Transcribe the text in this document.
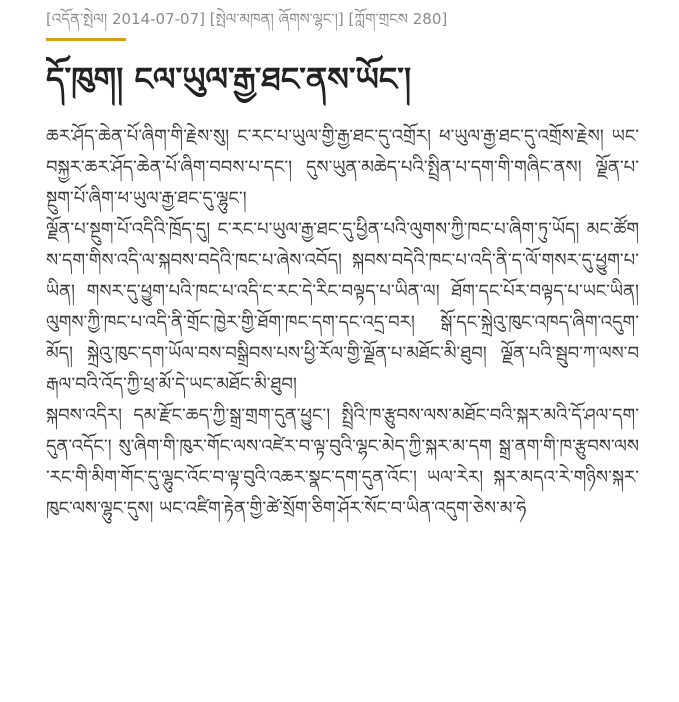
[འདོན་སྤེལ། 2014-07-07] [སྤེལ་མཁན། ཞོགས་ལྷང་།] [ཀློག་གྲངས 280]
དོ་ཁུག། ངལ་ཡུལ་རྒྱ་ཐང་ནས་ཡོང་།

ཆར་ཤོད་ཆེན་པོ་ཞིག་གི་རྗེས་སུ། ང་རང་པ་ཡུལ་གྱི་རྒྱ་ཐང་དུ་འགྲོར། ཕ་ཡུལ་རྒྱ་ཐང་དུ་འགྲོས་རྗེས། ཡང་བསྐྱར་ཆར་ཤོད་ཆེན་པོ་ཞིག་བབས་པ་དང་། དུས་ཡུན་མཆེད་པའི་སྤྲིན་པ་དག་གི་གཞིང་ནས། ལྗོན་པ་སྔུག་པོ་ཞིག་ཕ་ཡུལ་རྒྱ་ཐང་དུ་ལྷུང་།

ལྗོན་པ་སྔུག་པོ་འདིའི་ཁྲོད་དུ། ང་རང་པ་ཡུལ་རྒྱ་ཐང་དུ་ཕྱིན་པའི་ལུགས་ཀྱི་ཁང་པ་ཞིག་ཏུ་ཡོད། མང་ཚོགས་དག་གིས་འདི་ལ་སྐབས་བདེའི་ཁང་པ་ཞེས་འབོད། སྐབས་བདེའི་ཁང་པ་འདི་ནི་ད་ལོ་གསར་དུ་ཕྱུག་པ་ཡིན། གསར་དུ་ཕྱུག་པའི་ཁང་པ་འདི་ང་རང་དེ་རིང་བལྟད་པ་ཡིན་ལ། ཐོག་དང་པོར་བལྟད་པ་ཡང་ཡིན། ལུགས་ཀྱི་ཁང་པ་འདི་ནི་གྲོང་ཁྱེར་གྱི་ཐོག་ཁང་དག་དང་འདྲ་བར། སྒོ་དང་སྐྲེའུ་ཁུང་འཁད་ཞིག་འདུག་མོད། སྐྲེའུ་ཁུང་དག་ཡོལ་བས་བསྒྲིབས་པས་ཕྱི་རོལ་གྱི་ལྗོན་པ་མཐོང་མི་ཐུབ། ལྗོན་པའི་སྦུབ་ཀ་ལས་བརྒལ་བའི་འོད་ཀྱི་ཕྲ་མོ་དེ་ཡང་མཐོང་མི་ཐུབ།

སྐབས་འདིར། དམ་རྫོང་ཆད་ཀྱི་སྒྲ་གྲག་དུན་ཕྱུང་། སྤྲིའི་ཁ་རྩུབས་ལས་མཐོང་བའི་སྐར་མའི་དོ་ཤལ་དག་དུན་འདོང་། སུ་ཞིག་གི་ཁུར་གོང་ལས་འཛེར་བ་ལྟ་བུའི་ལྷང་མེད་ཀྱི་སྐར་མ་དག སྒྲ་ནག་གི་ཁ་རྩུབས་ལས་རང་གི་མིག་གོང་དུ་ལྷུང་འོང་བ་ལྟ་བུའི་འཆར་སྣང་དག་དུན་འོང་། ཡལ་རེར། སྐར་མདའ་རེ་གཉིས་སྐར་ཁུང་ལས་ལྷུང་དུས། ཡང་འཛིག་རྟེན་གྱི་ཚེ་སྲོག་ཅིག་ཤོར་སོང་བ་ཡིན་འདུག་ཅེས་མ་ཧེ
